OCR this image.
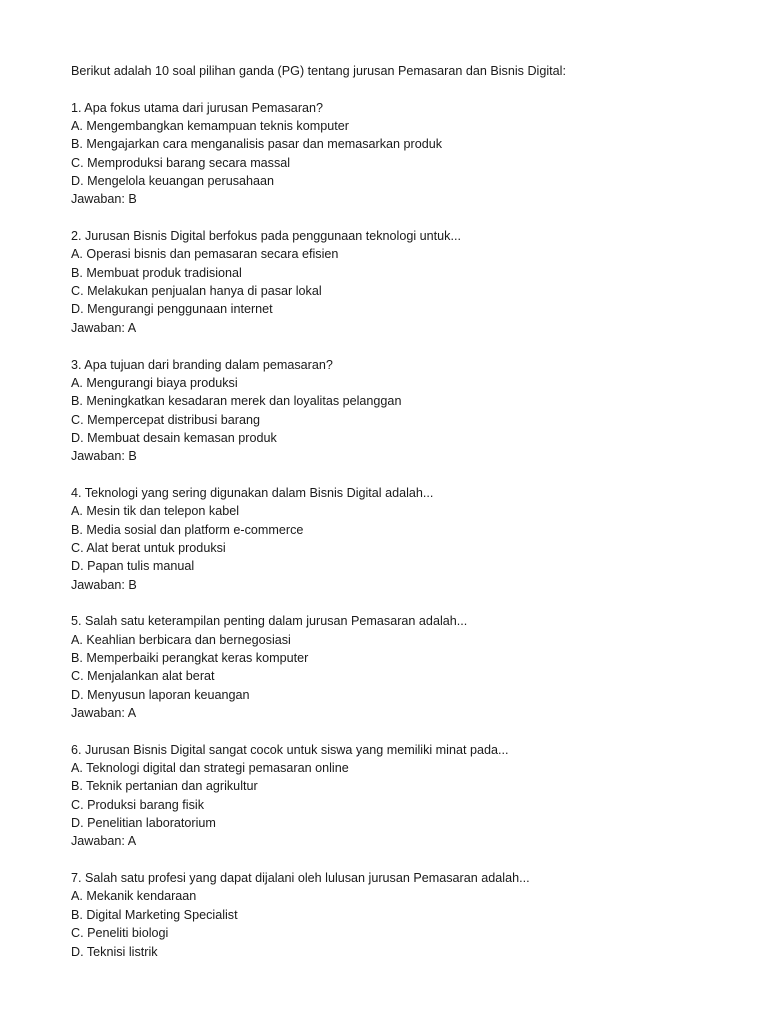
Berikut adalah 10 soal pilihan ganda (PG) tentang jurusan Pemasaran dan Bisnis Digital:
1. Apa fokus utama dari jurusan Pemasaran?
A. Mengembangkan kemampuan teknis komputer
B. Mengajarkan cara menganalisis pasar dan memasarkan produk
C. Memproduksi barang secara massal
D. Mengelola keuangan perusahaan
Jawaban: B
2. Jurusan Bisnis Digital berfokus pada penggunaan teknologi untuk...
A. Operasi bisnis dan pemasaran secara efisien
B. Membuat produk tradisional
C. Melakukan penjualan hanya di pasar lokal
D. Mengurangi penggunaan internet
Jawaban: A
3. Apa tujuan dari branding dalam pemasaran?
A. Mengurangi biaya produksi
B. Meningkatkan kesadaran merek dan loyalitas pelanggan
C. Mempercepat distribusi barang
D. Membuat desain kemasan produk
Jawaban: B
4. Teknologi yang sering digunakan dalam Bisnis Digital adalah...
A. Mesin tik dan telepon kabel
B. Media sosial dan platform e-commerce
C. Alat berat untuk produksi
D. Papan tulis manual
Jawaban: B
5. Salah satu keterampilan penting dalam jurusan Pemasaran adalah...
A. Keahlian berbicara dan bernegosiasi
B. Memperbaiki perangkat keras komputer
C. Menjalankan alat berat
D. Menyusun laporan keuangan
Jawaban: A
6. Jurusan Bisnis Digital sangat cocok untuk siswa yang memiliki minat pada...
A. Teknologi digital dan strategi pemasaran online
B. Teknik pertanian dan agrikultur
C. Produksi barang fisik
D. Penelitian laboratorium
Jawaban: A
7. Salah satu profesi yang dapat dijalani oleh lulusan jurusan Pemasaran adalah...
A. Mekanik kendaraan
B. Digital Marketing Specialist
C. Peneliti biologi
D. Teknisi listrik
